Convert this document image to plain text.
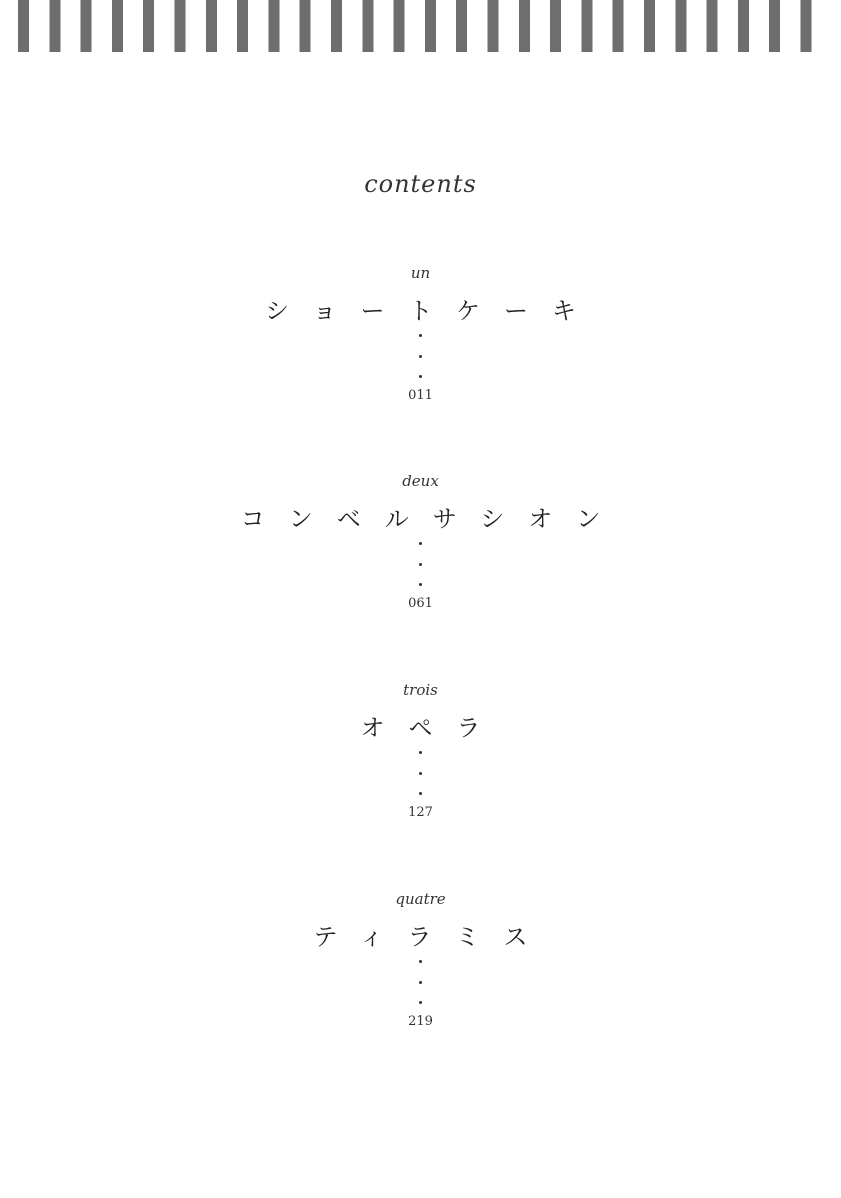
contents
un
ショートケーキ
011
deux
コンベルサシオン
061
trois
オペラ
127
quatre
ティラミス
219
